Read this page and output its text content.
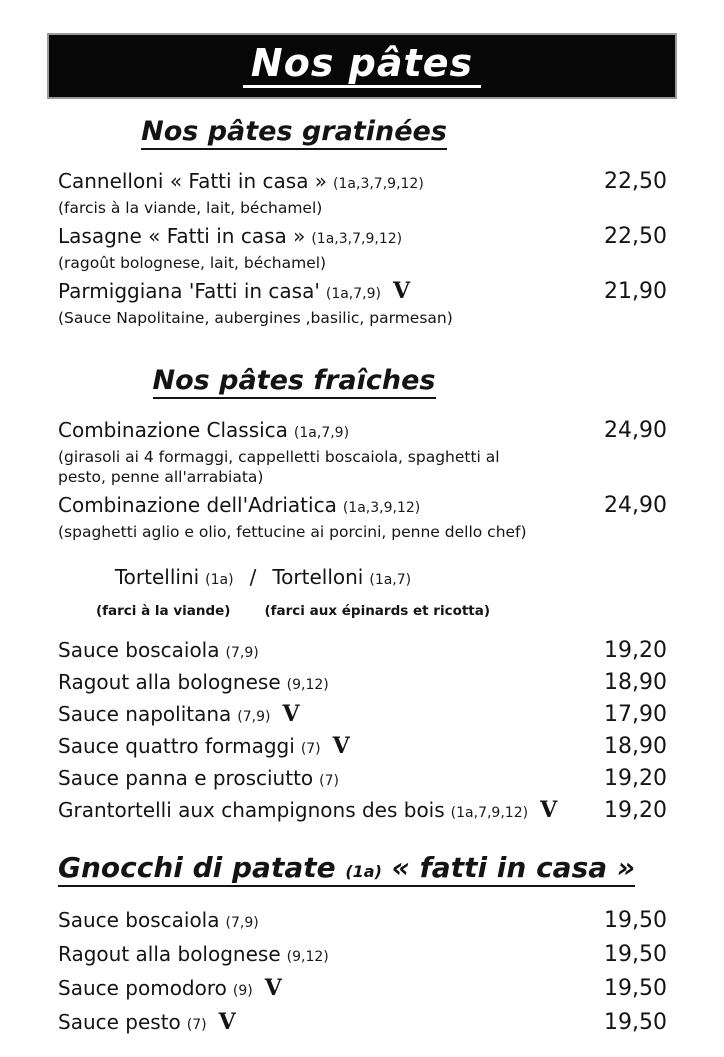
Nos pâtes
Nos pâtes gratinées
Cannelloni « Fatti in casa » (1a,3,7,9,12)	22,50
(farcis à la viande, lait, béchamel)
Lasagne « Fatti in casa » (1a,3,7,9,12)	22,50
(ragoût bolognese, lait, béchamel)
Parmiggiana 'Fatti in casa' (1a,7,9) V	21,90
(Sauce Napolitaine, aubergines ,basilic, parmesan)
Nos pâtes fraîches
Combinazione Classica (1a,7,9)	24,90
(girasoli ai 4 formaggi, cappelletti boscaiola, spaghetti al pesto, penne all'arrabiata)
Combinazione dell'Adriatica (1a,3,9,12)	24,90
(spaghetti aglio e olio, fettucine ai porcini, penne dello chef)
Tortellini (1a) / Tortelloni (1a,7)
(farci à la viande)	(farci aux épinards et ricotta)
Sauce boscaiola (7,9)	19,20
Ragout alla bolognese (9,12)	18,90
Sauce napolitana (7,9) V	17,90
Sauce quattro formaggi (7) V	18,90
Sauce panna e prosciutto (7)	19,20
Grantortelli aux champignons des bois (1a,7,9,12) V	19,20
Gnocchi di patate (1a) « fatti in casa »
Sauce boscaiola (7,9)	19,50
Ragout alla bolognese (9,12)	19,50
Sauce pomodoro (9) V	19,50
Sauce pesto (7) V	19,50
